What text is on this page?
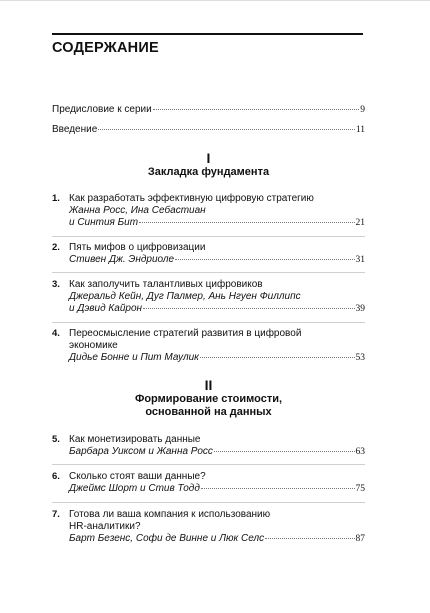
СОДЕРЖАНИЕ
Предисловие к серии	9
Введение	11
I
Закладка фундамента
1. Как разработать эффективную цифровую стратегию
Жанна Росс, Ина Себастиан
и Синтия Бит	21
2. Пять мифов о цифровизации
Стивен Дж. Эндриоле	31
3. Как заполучить талантливых цифровиков
Джеральд Кейн, Дуг Палмер, Ань Нгуен Филлипс
и Дэвид Кайрон	39
4. Переосмысление стратегий развития в цифровой
экономике
Дидье Бонне и Пит Маулик	53
II
Формирование стоимости,
основанной на данных
5. Как монетизировать данные
Барбара Уиксом и Жанна Росс	63
6. Сколько стоят ваши данные?
Джеймс Шорт и Стив Тодд	75
7. Готова ли ваша компания к использованию
HR-аналитики?
Барт Безенс, Софи де Винне и Люк Селс	87
